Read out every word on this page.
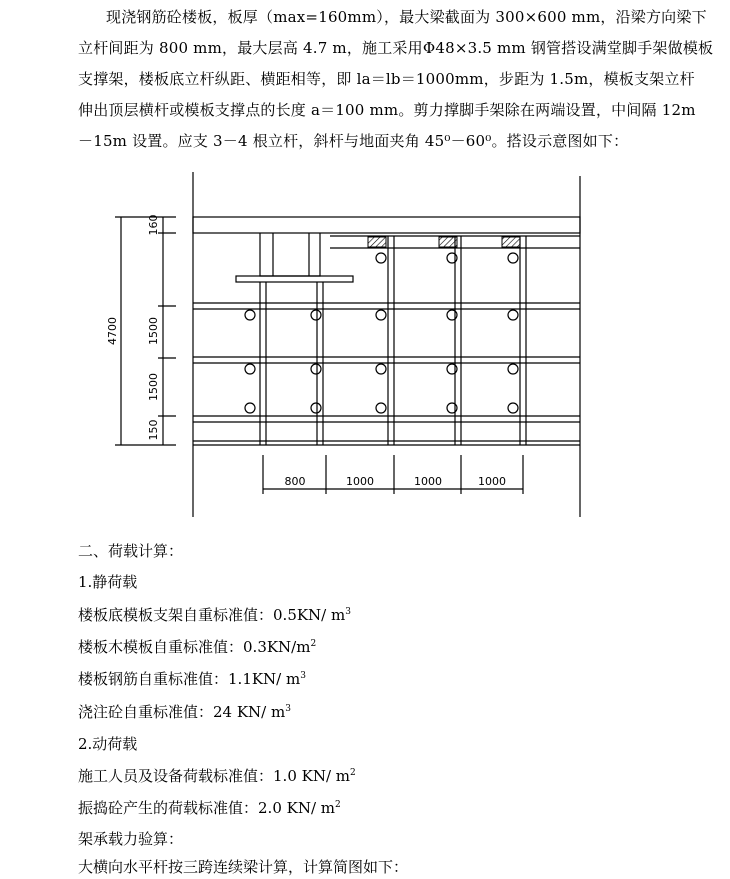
现浇钢筋砼楼板，板厚（max=160mm），最大梁截面为 300×600 mm，沿梁方向梁下
立杆间距为 800 mm，最大层高 4.7 m，施工采用Φ48×3.5 mm 钢管搭设满堂脚手架做模板
支撑架，楼板底立杆纵距、横距相等，即 la＝lb＝1000mm，步距为 1.5m，模板支架立杆
伸出顶层横杆或模板支撑点的长度 a＝100 mm。剪力撑脚手架除在两端设置，中间隔 12m
－15m 设置。应支 3－4 根立杆，斜杆与地面夹角 45⁰－60⁰。搭设示意图如下：
4700
160
1500
1500
150
800	1000	1000	1000
二、荷载计算：
1.静荷载
楼板底模板支架自重标准值：0.5KN/ $m^3$
楼板木模板自重标准值：$0.3KN/m^2$
楼板钢筋自重标准值：1.1KN/ $m^3$
浇注砼自重标准值：24 KN/ $m^3$
2.动荷载
施工人员及设备荷载标准值：1.0 KN/ $m^2$
振捣砼产生的荷载标准值：2.0 KN/ $m^2$
架承载力验算：
大横向水平杆按三跨连续梁计算，计算简图如下：
